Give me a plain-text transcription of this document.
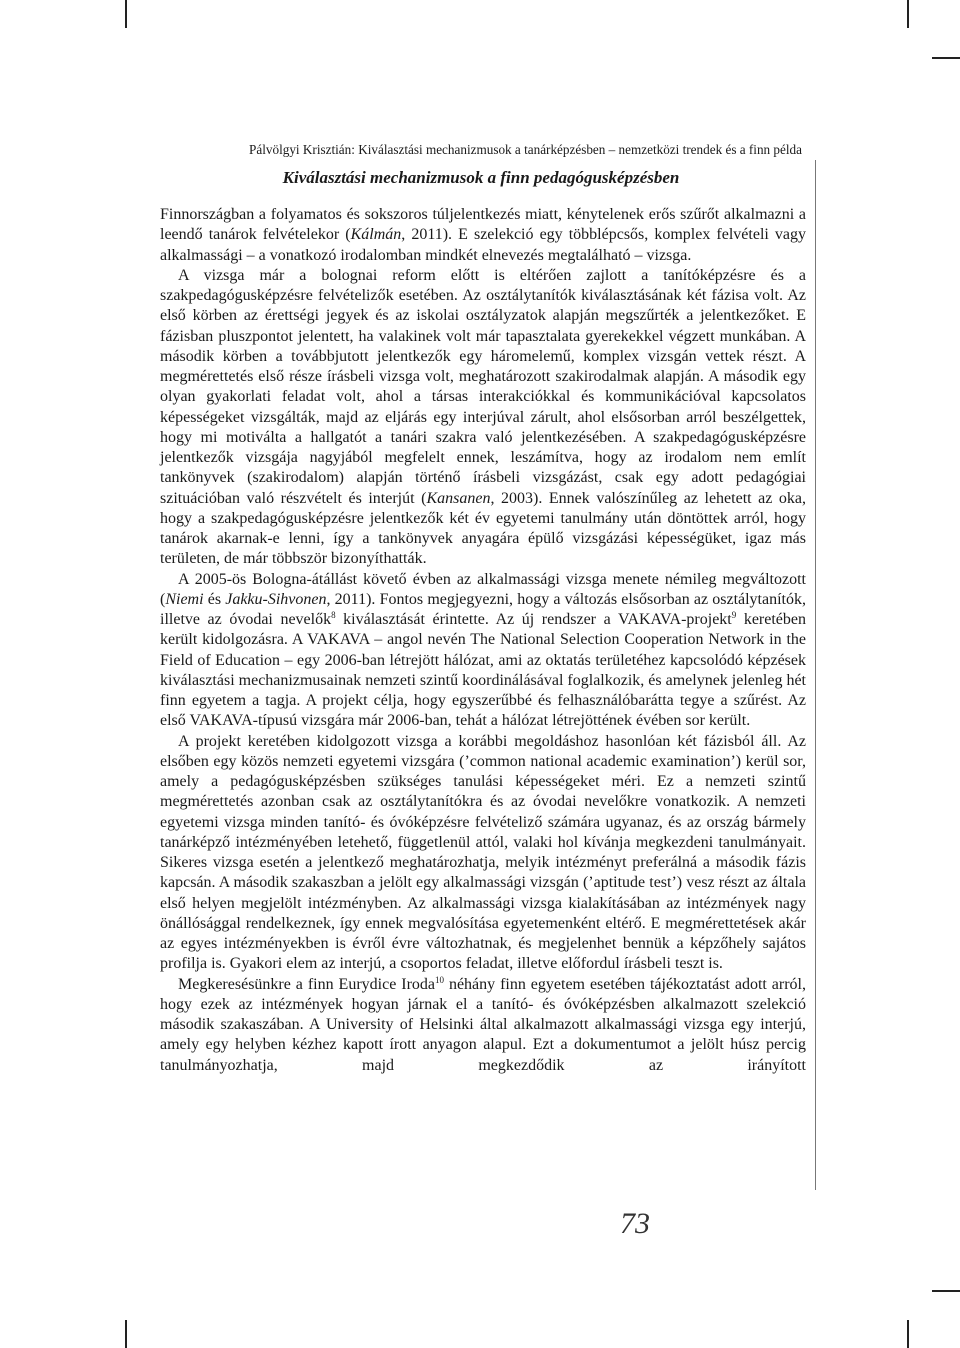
Pálvölgyi Krisztián: Kiválasztási mechanizmusok a tanárképzésben – nemzetközi trendek és a finn példa
Kiválasztási mechanizmusok a finn pedagógusképzésben

Finnországban a folyamatos és sokszoros túljelentkezés miatt, kénytelenek erős szűrőt alkalmazni a leendő tanárok felvételekor (Kálmán, 2011). E szelekció egy többlépcsős, komplex felvételi vagy alkalmassági – a vonatkozó irodalomban mindkét elnevezés megtalálható – vizsga.

A vizsga már a bolognai reform előtt is eltérően zajlott a tanítóképzésre és a szakpedagógusképzésre felvételizők esetében. Az osztálytanítók kiválasztásának két fázisa volt. Az első körben az érettségi jegyek és az iskolai osztályzatok alapján megszűrték a jelentkezőket. E fázisban pluszpontot jelentett, ha valakinek volt már tapasztalata gyerekekkel végzett munkában. A második körben a továbbjutott jelentkezők egy háromelemű, komplex vizsgán vettek részt. A megmérettetés első része írásbeli vizsga volt, meghatározott szakirodalmak alapján. A második egy olyan gyakorlati feladat volt, ahol a társas interakciókkal és kommunikációval kapcsolatos képességeket vizsgálták, majd az eljárás egy interjúval zárult, ahol elsősorban arról beszélgettek, hogy mi motiválta a hallgatót a tanári szakra való jelentkezésében. A szakpedagógusképzésre jelentkezők vizsgája nagyjából megfelelt ennek, leszámítva, hogy az irodalom nem említ tankönyvek (szakirodalom) alapján történő írásbeli vizsgázást, csak egy adott pedagógiai szituációban való részvételt és interjút (Kansanen, 2003). Ennek valószínűleg az lehetett az oka, hogy a szakpedagógusképzésre jelentkezők két év egyetemi tanulmány után döntöttek arról, hogy tanárok akarnak-e lenni, így a tankönyvek anyagára épülő vizsgázási képességüket, igaz más területen, de már többször bizonyíthatták.

A 2005-ös Bologna-átállást követő évben az alkalmassági vizsga menete némileg megváltozott (Niemi és Jakku-Sihvonen, 2011). Fontos megjegyezni, hogy a változás elsősorban az osztálytanítók, illetve az óvodai nevelők$^8$ kiválasztását érintette. Az új rendszer a VAKAVA-projekt$^9$ keretében került kidolgozásra. A VAKAVA – angol nevén The National Selection Cooperation Network in the Field of Education – egy 2006-ban létrejött hálózat, ami az oktatás területéhez kapcsolódó képzések kiválasztási mechanizmusainak nemzeti szintű koordinálásával foglalkozik, és amelynek jelenleg hét finn egyetem a tagja. A projekt célja, hogy egyszerűbbé és felhasználóbarátta tegye a szűrést. Az első VAKAVA-típusú vizsgára már 2006-ban, tehát a hálózat létrejöttének évében sor került.

A projekt keretében kidolgozott vizsga a korábbi megoldáshoz hasonlóan két fázisból áll. Az elsőben egy közös nemzeti egyetemi vizsgára (’common national academic examination’) kerül sor, amely a pedagógusképzésben szükséges tanulási képességeket méri. Ez a nemzeti szintű megmérettetés azonban csak az osztálytanítókra és az óvodai nevelőkre vonatkozik. A nemzeti egyetemi vizsga minden tanító- és óvóképzésre felvételiző számára ugyanaz, és az ország bármely tanárképző intézményében letehető, függetlenül attól, valaki hol kívánja megkezdeni tanulmányait. Sikeres vizsga esetén a jelentkező meghatározhatja, melyik intézményt preferálná a második fázis kapcsán. A második szakaszban a jelölt egy alkalmassági vizsgán (’aptitude test’) vesz részt az általa első helyen megjelölt intézményben. Az alkalmassági vizsga kialakításában az intézmények nagy önállósággal rendelkeznek, így ennek megvalósítása egyetemenként eltérő. E megmérettetések akár az egyes intézményekben is évről évre változhatnak, és megjelenhet bennük a képzőhely sajátos profilja is. Gyakori elem az interjú, a csoportos feladat, illetve előfordul írásbeli teszt is.

Megkeresésünkre a finn Eurydice Iroda$^{10}$ néhány finn egyetem esetében tájékoztatást adott arról, hogy ezek az intézmények hogyan járnak el a tanító- és óvóképzésben alkalmazott szelekció második szakaszában. A University of Helsinki által alkalmazott alkalmassági vizsga egy interjú, amely egy helyben kézhez kapott írott anyagon alapul. Ezt a dokumentumot a jelölt húsz percig tanulmányozhatja, majd megkezdődik az irányított

73
